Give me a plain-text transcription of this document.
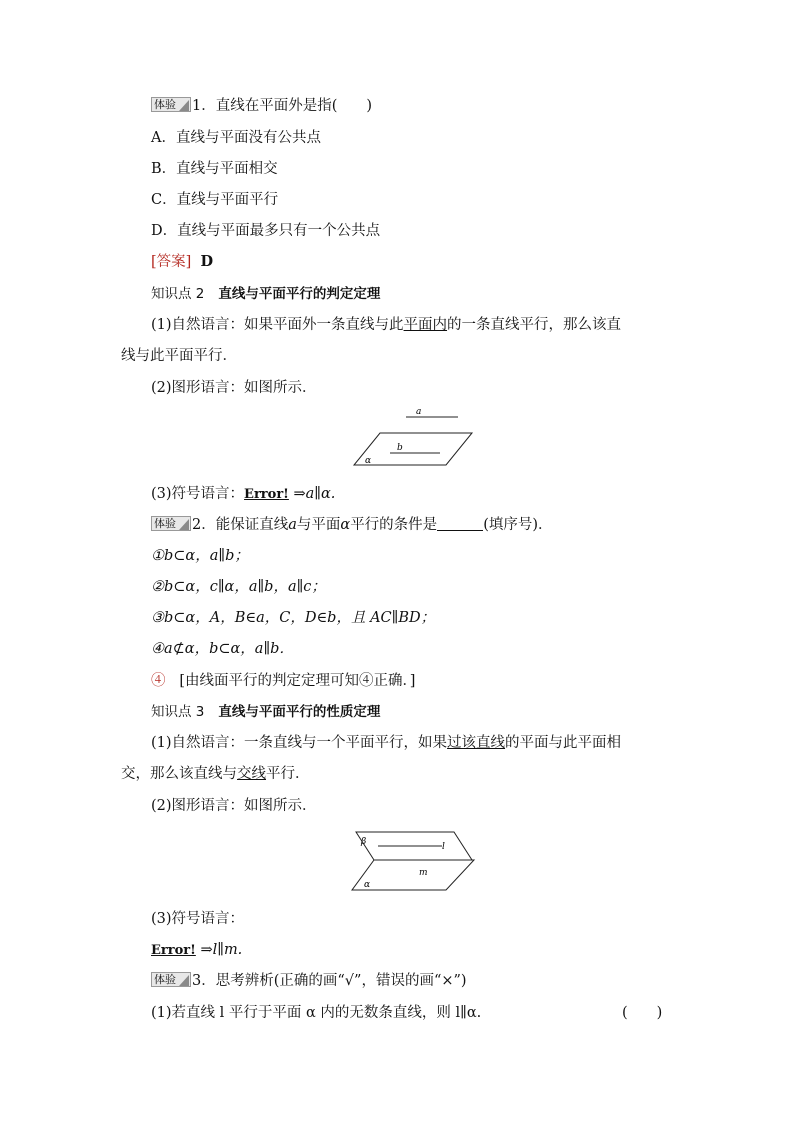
体验 1．直线在平面外是指(　　)
A．直线与平面没有公共点
B．直线与平面相交
C．直线与平面平行
D．直线与平面最多只有一个公共点
[答案] D
知识点 2 直线与平面平行的判定定理
(1)自然语言：如果平面外一条直线与此平面内的一条直线平行，那么该直
线与此平面平行．
(2)图形语言：如图所示．
a
b
α
(3)符号语言：Error! ⇒a∥α.
体验 2．能保证直线a与平面α平行的条件是	(填序号)．
①b⊂α，a∥b；
②b⊂α，c∥α，a∥b，a∥c；
③b⊂α，A，B∈a，C，D∈b，且 AC∥BD；
④a⊄α，b⊂α，a∥b．
④ [由线面平行的判定定理可知④正确．]
知识点 3 直线与平面平行的性质定理
(1)自然语言：一条直线与一个平面平行，如果过该直线的平面与此平面相
交，那么该直线与交线平行．
(2)图形语言：如图所示．
β	l
m
α
(3)符号语言：
Error! ⇒l∥m.
体验 3．思考辨析(正确的画“√”，错误的画“×”)
(1)若直线 l 平行于平面 α 内的无数条直线，则 l∥α.	(　　)
